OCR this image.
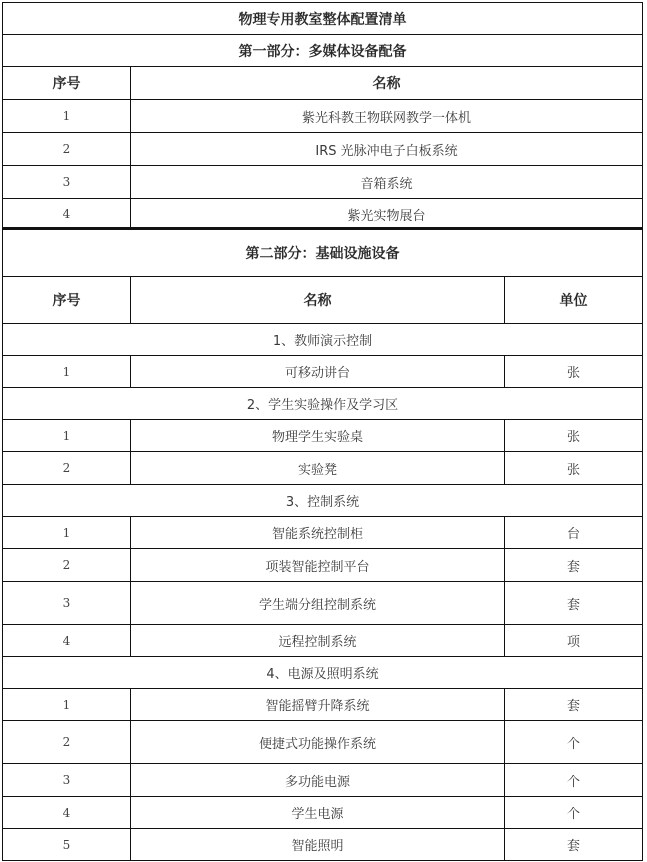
物理专用教室整体配置清单	
第一部分：多媒体设备配备	
序号	名称
1	紫光科教王物联网教学一体机
2	IRS 光脉冲电子白板系统
3	音箱系统
4	紫光实物展台
第二部分：基础设施设备		
序号	名称	单位
1、教师演示控制		
1	可移动讲台	张
2、学生实验操作及学习区		
1	物理学生实验桌	张
2	实验凳	张
3、控制系统		
1	智能系统控制柜	台
2	项装智能控制平台	套
3	学生端分组控制系统	套
4	远程控制系统	项
4、电源及照明系统		
1	智能摇臂升降系统	套
2	便捷式功能操作系统	个
3	多功能电源	个
4	学生电源	个
5	智能照明	套
